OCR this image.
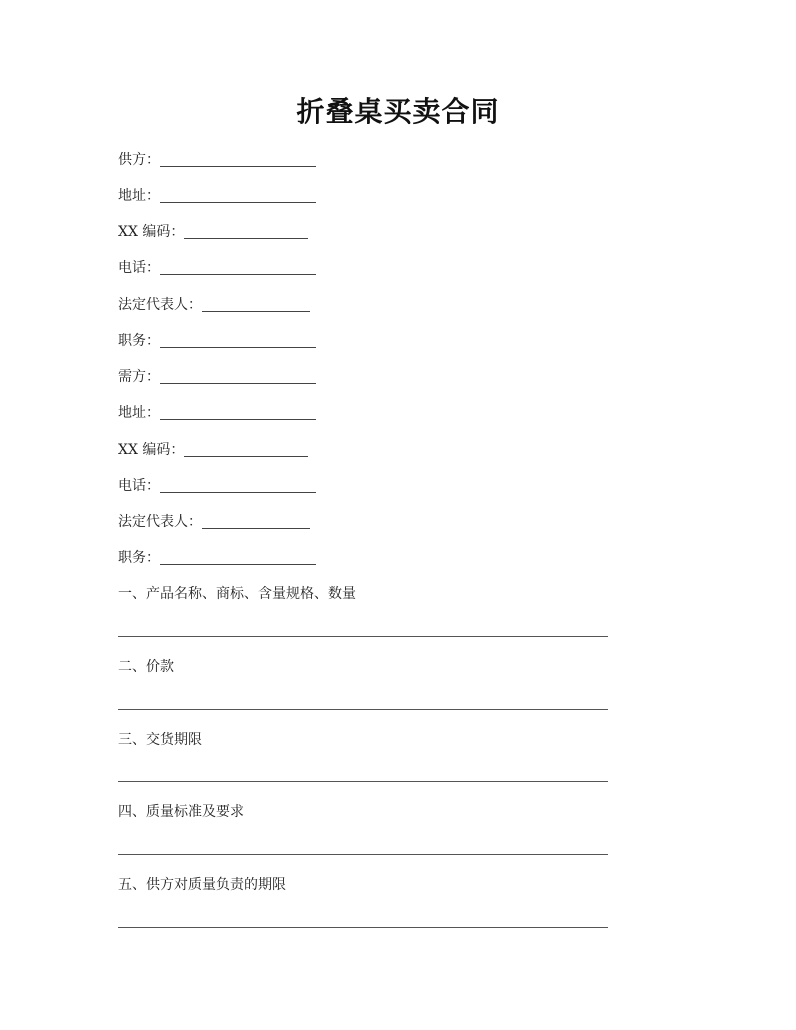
折叠桌买卖合同
供方：
地址：
XX 编码：
电话：
法定代表人：
职务：
需方：
地址：
XX 编码：
电话：
法定代表人：
职务：
一、产品名称、商标、含量规格、数量
二、价款
三、交货期限
四、质量标准及要求
五、供方对质量负责的期限
